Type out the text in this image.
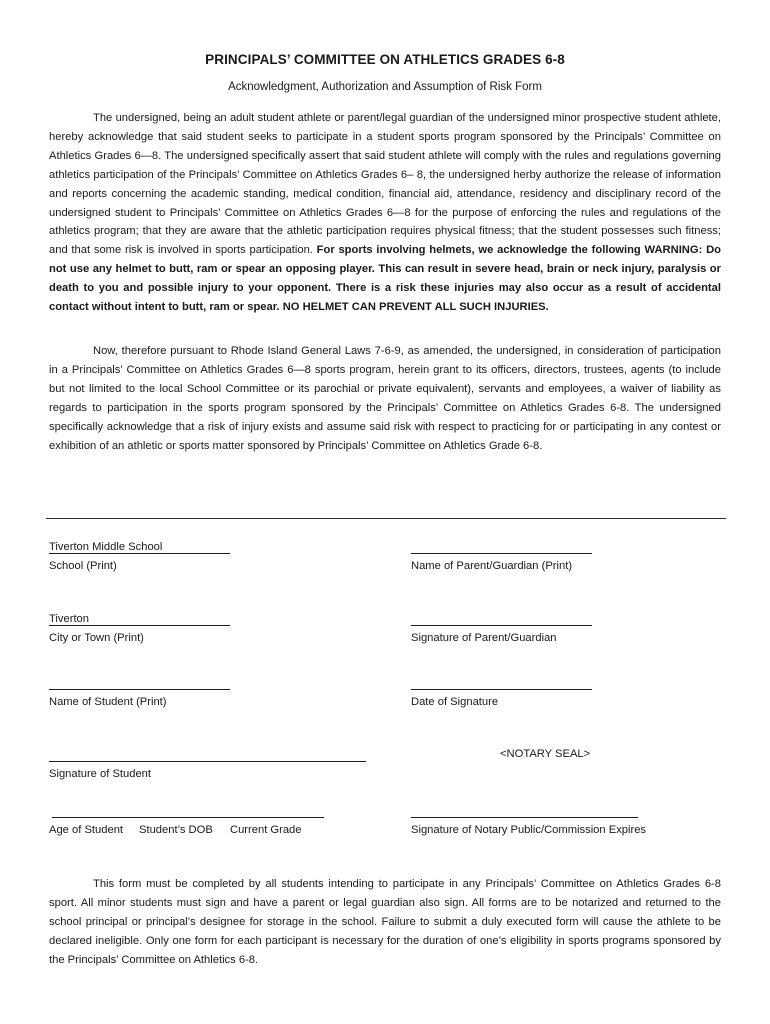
PRINCIPALS’ COMMITTEE ON ATHLETICS GRADES 6-8
Acknowledgment, Authorization and Assumption of Risk Form

The undersigned, being an adult student athlete or parent/legal guardian of the undersigned minor prospective student athlete, hereby acknowledge that said student seeks to participate in a student sports program sponsored by the Principals’ Committee on Athletics Grades 6—8. The undersigned specifically assert that said student athlete will comply with the rules and regulations governing athletics participation of the Principals’ Committee on Athletics Grades 6– 8, the undersigned herby authorize the release of information and reports concerning the academic standing, medical condition, financial aid, attendance, residency and disciplinary record of the undersigned student to Principals’ Committee on Athletics Grades 6—8 for the purpose of enforcing the rules and regulations of the athletics program; that they are aware that the athletic participation requires physical fitness; that the student possesses such fitness; and that some risk is involved in sports participation. For sports involving helmets, we acknowledge the following WARNING: Do not use any helmet to butt, ram or spear an opposing player. This can result in severe head, brain or neck injury, paralysis or death to you and possible injury to your opponent. There is a risk these injuries may also occur as a result of accidental contact without intent to butt, ram or spear. NO HELMET CAN PREVENT ALL SUCH INJURIES.

Now, therefore pursuant to Rhode Island General Laws 7-6-9, as amended, the undersigned, in consideration of participation in a Principals’ Committee on Athletics Grades 6—8 sports program, herein grant to its officers, directors, trustees, agents (to include but not limited to the local School Committee or its parochial or private equivalent), servants and employees, a waiver of liability as regards to participation in the sports program sponsored by the Principals’ Committee on Athletics Grades 6-8. The undersigned specifically acknowledge that a risk of injury exists and assume said risk with respect to practicing for or participating in any contest or exhibition of an athletic or sports matter sponsored by Principals’ Committee on Athletics Grade 6-8.

Tiverton Middle School
School (Print)
Tiverton
City or Town (Print)
Name of Student (Print)
Signature of Student
Age of Student Student’s DOB Current Grade
Name of Parent/Guardian (Print)
Signature of Parent/Guardian
Date of Signature
<NOTARY SEAL>
Signature of Notary Public/Commission Expires

This form must be completed by all students intending to participate in any Principals’ Committee on Athletics Grades 6-8 sport. All minor students must sign and have a parent or legal guardian also sign. All forms are to be notarized and returned to the school principal or principal’s designee for storage in the school. Failure to submit a duly executed form will cause the athlete to be declared ineligible. Only one form for each participant is necessary for the duration of one’s eligibility in sports programs sponsored by the Principals’ Committee on Athletics 6-8.
